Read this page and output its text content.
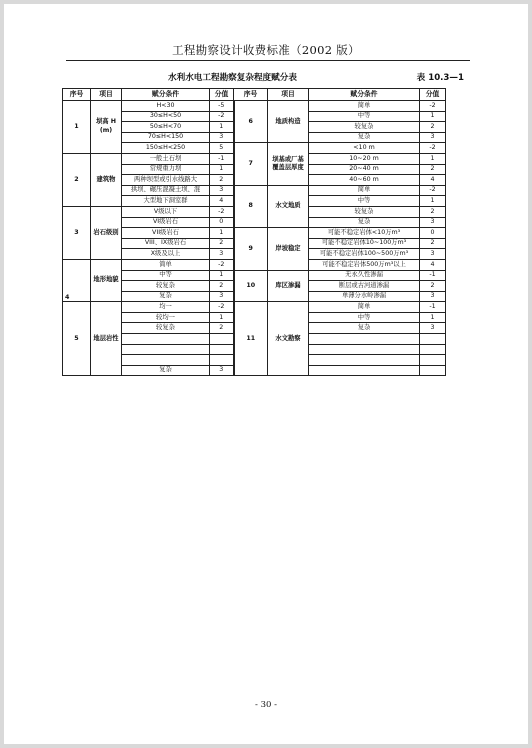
工程勘察设计收费标准（2002 版）
水利水电工程勘察复杂程度赋分表	表 10.3—1
序号	项目	赋分条件	分值	序号	项目	赋分条件	分值
1	坝高 H (m)	H<30	-5	6	地质构造	简单	-2
		30≤H<50	-2			中等	1
		50≤H<70	1			较复杂	2
		70≤H<150	3			复杂	3
		150≤H<250	5	7	坝基或厂基覆盖层厚度	<10 m	-2
2	建筑物	一般土石坝	-1			10~20 m	1
		常规重力坝	1			20~40 m	2
		两种坝型或引水线路大	2			40~60 m	4
		拱坝、碾压混凝土坝、混	3	8	水文地质	简单	-2
		大型地下洞室群	4			中等	1
3	岩石级别	V级以下	-2			较复杂	2
		VI级岩石	0			复杂	3
		VII级岩石	1	9	岸坡稳定	可能不稳定岩体<10万m³	0
		VIII、IX级岩石	2			可能不稳定岩体10~100万m³	2
		X级及以上	3			可能不稳定岩体100~500万m³	3
4	地形地貌	简单	-2			可能不稳定岩体500万m³以上	4
		中等	1	10	库区渗漏	无永久性渗漏	-1
		较复杂	2			断层或古河道渗漏	2
		复杂	3			单薄分水岭渗漏	3
5	地层岩性	均一	-2	11	水文勘察	简单	-1
		较均一	1			中等	1
		较复杂	2			复杂	3

		复杂	3				
- 30 -
